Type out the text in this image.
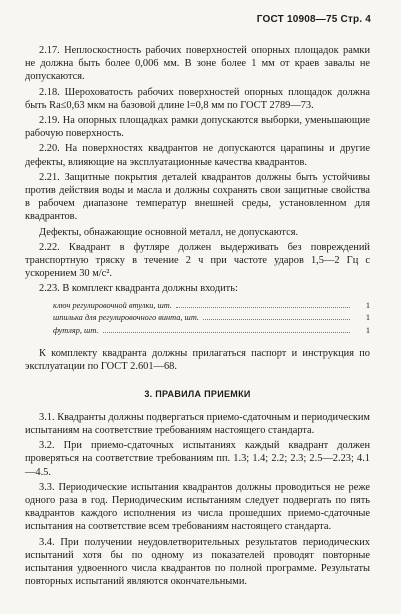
ГОСТ 10908—75 Стр. 4

2.17. Неплоскостность рабочих поверхностей опорных площадок рамки не должна быть более 0,006 мм. В зоне более 1 мм от краев завалы не допускаются.

2.18. Шероховатость рабочих поверхностей опорных площадок должна быть Ra≤0,63 мкм на базовой длине l=0,8 мм по ГОСТ 2789—73.

2.19. На опорных площадках рамки допускаются выборки, уменьшающие рабочую поверхность.

2.20. На поверхностях квадрантов не допускаются царапины и другие дефекты, влияющие на эксплуатационные качества квадрантов.

2.21. Защитные покрытия деталей квадрантов должны быть устойчивы против действия воды и масла и должны сохранять свои защитные свойства в рабочем диапазоне температур внешней среды, установленном для квадрантов.

Дефекты, обнажающие основной металл, не допускаются.

2.22. Квадрант в футляре должен выдерживать без повреждений транспортную тряску в течение 2 ч при частоте ударов 1,5—2 Гц с ускорением 30 м/с².

2.23. В комплект квадранта должны входить:

ключ регулировочной втулки, шт.	1
шпилька для регулировочного винта, шт.	1
футляр, шт.	1

К комплекту квадранта должны прилагаться паспорт и инструкция по эксплуатации по ГОСТ 2.601—68.

3. ПРАВИЛА ПРИЕМКИ

3.1. Квадранты должны подвергаться приемо-сдаточным и периодическим испытаниям на соответствие требованиям настоящего стандарта.

3.2. При приемо-сдаточных испытаниях каждый квадрант должен проверяться на соответствие требованиям пп. 1.3; 1.4; 2.2; 2.3; 2.5—2.23; 4.1—4.5.

3.3. Периодические испытания квадрантов должны проводиться не реже одного раза в год. Периодическим испытаниям следует подвергать по пять квадрантов каждого исполнения из числа прошедших приемо-сдаточные испытания на соответствие всем требованиям настоящего стандарта.

3.4. При получении неудовлетворительных результатов периодических испытаний хотя бы по одному из показателей проводят повторные испытания удвоенного числа квадрантов по полной программе. Результаты повторных испытаний являются окончательными.
